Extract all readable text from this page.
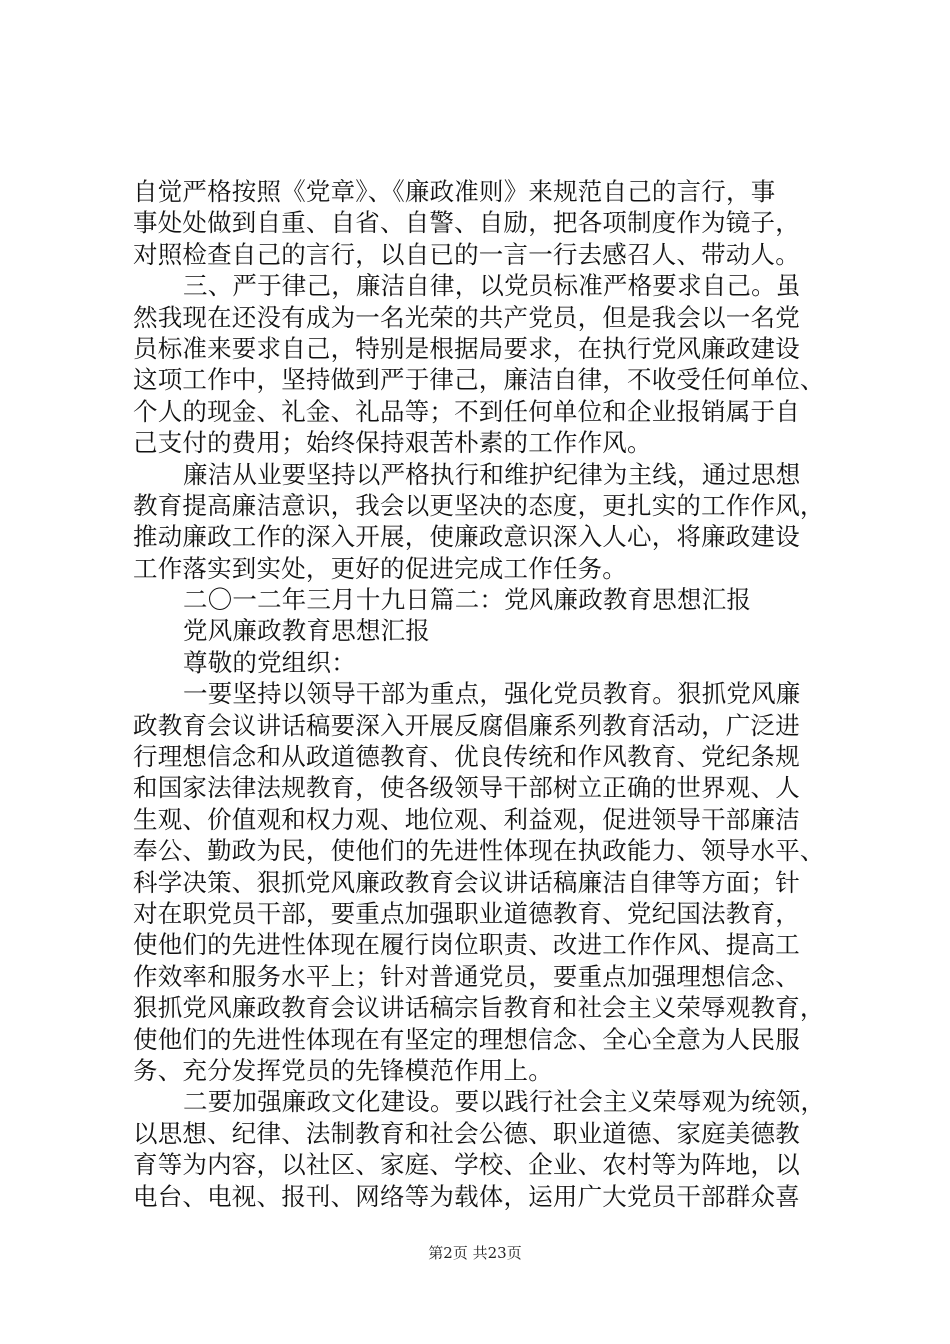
自觉严格按照《党章》、《廉政准则》来规范自己的言行，事
事处处做到自重、自省、自警、自励，把各项制度作为镜子，
对照检查自己的言行，以自已的一言一行去感召人、带动人。
三、严于律己，廉洁自律，以党员标准严格要求自己。虽
然我现在还没有成为一名光荣的共产党员，但是我会以一名党
员标准来要求自己，特别是根据局要求，在执行党风廉政建设
这项工作中，坚持做到严于律己，廉洁自律，不收受任何单位、
个人的现金、礼金、礼品等；不到任何单位和企业报销属于自
己支付的费用；始终保持艰苦朴素的工作作风。
廉洁从业要坚持以严格执行和维护纪律为主线，通过思想
教育提高廉洁意识，我会以更坚决的态度，更扎实的工作作风，
推动廉政工作的深入开展，使廉政意识深入人心，将廉政建设
工作落实到实处，更好的促进完成工作任务。
二〇一二年三月十九日篇二：党风廉政教育思想汇报
党风廉政教育思想汇报
尊敬的党组织：
一要坚持以领导干部为重点，强化党员教育。狠抓党风廉
政教育会议讲话稿要深入开展反腐倡廉系列教育活动，广泛进
行理想信念和从政道德教育、优良传统和作风教育、党纪条规
和国家法律法规教育，使各级领导干部树立正确的世界观、人
生观、价值观和权力观、地位观、利益观，促进领导干部廉洁
奉公、勤政为民，使他们的先进性体现在执政能力、领导水平、
科学决策、狠抓党风廉政教育会议讲话稿廉洁自律等方面；针
对在职党员干部，要重点加强职业道德教育、党纪国法教育，
使他们的先进性体现在履行岗位职责、改进工作作风、提高工
作效率和服务水平上；针对普通党员，要重点加强理想信念、
狠抓党风廉政教育会议讲话稿宗旨教育和社会主义荣辱观教育，
使他们的先进性体现在有坚定的理想信念、全心全意为人民服
务、充分发挥党员的先锋模范作用上。
二要加强廉政文化建设。要以践行社会主义荣辱观为统领，
以思想、纪律、法制教育和社会公德、职业道德、家庭美德教
育等为内容，以社区、家庭、学校、企业、农村等为阵地，以
电台、电视、报刊、网络等为载体，运用广大党员干部群众喜
第2页 共23页
